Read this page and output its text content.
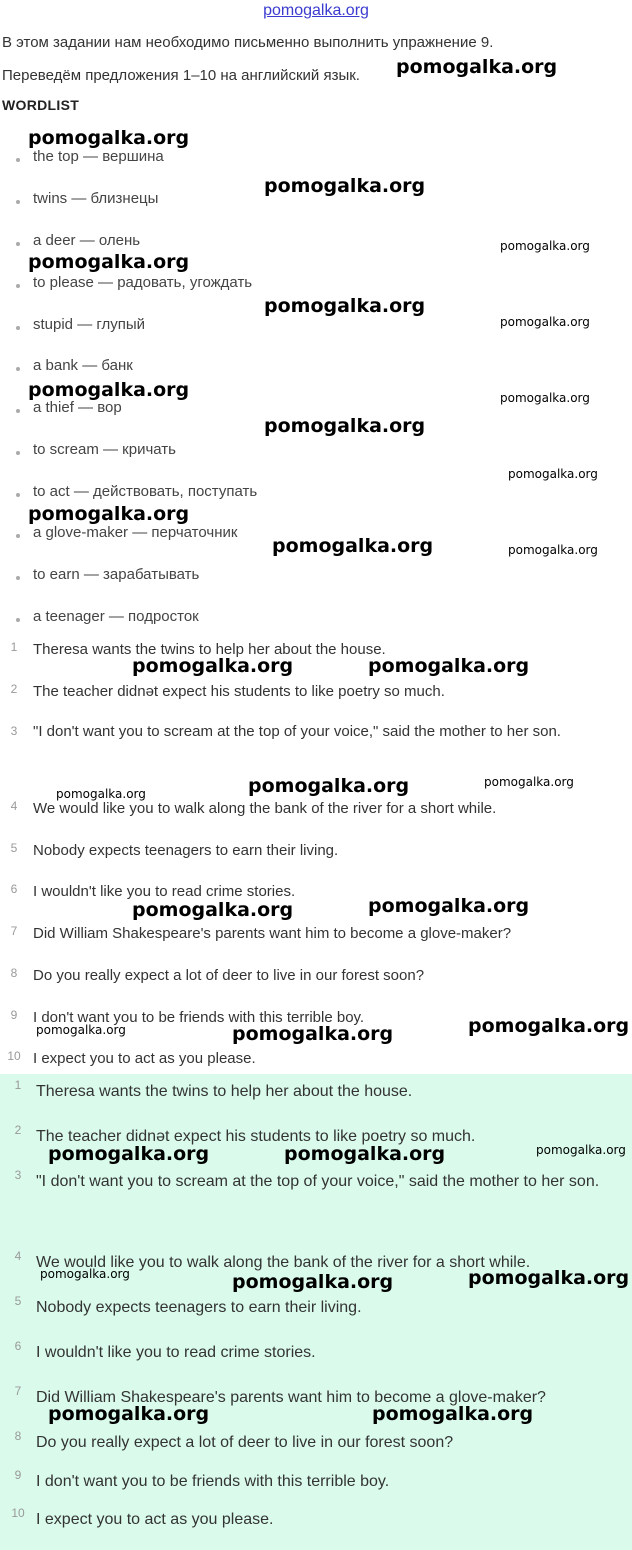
pomogalka.org
В этом задании нам необходимо письменно выполнить упражнение 9.
Переведём предложения 1–10 на английский язык.
WORDLIST
the top — вершина
twins — близнецы
a deer — олень
to please — радовать, угождать
stupid — глупый
a bank — банк
a thief — вор
to scream — кричать
to act — действовать, поступать
a glove-maker — перчаточник
to earn — зарабатывать
a teenager — подросток
1	Theresa wants the twins to help her about the house.
2	The teacher didnәt expect his students to like poetry so much.
3	"I don't want you to scream at the top of your voice," said the mother to her son.
4	We would like you to walk along the bank of the river for a short while.
5	Nobody expects teenagers to earn their living.
6	I wouldn't like you to read crime stories.
7	Did William Shakespeare's parents want him to become a glove-maker?
8	Do you really expect a lot of deer to live in our forest soon?
9	I don't want you to be friends with this terrible boy.
10 I expect you to act as you please.
1 Theresa wants the twins to help her about the house.
2 The teacher didnәt expect his students to like poetry so much.
3 "I don't want you to scream at the top of your voice," said the mother to her son.
4 We would like you to walk along the bank of the river for a short while.
5 Nobody expects teenagers to earn their living.
6 I wouldn't like you to read crime stories.
7 Did William Shakespeare's parents want him to become a glove-maker?
8 Do you really expect a lot of deer to live in our forest soon?
9 I don't want you to be friends with this terrible boy.
10 I expect you to act as you please.
pomogalka.org
pomogalka.org
pomogalka.org
pomogalka.org
pomogalka.org
pomogalka.org
pomogalka.org
pomogalka.org	pomogalka.org
pomogalka.org
pomogalka.org
pomogalka.org
pomogalka.org	pomogalka.org
pomogalka.org	pomogalka.org
pomogalka.org
pomogalka.org
pomogalka.org
pomogalka.org
pomogalka.org
pomogalka.org
pomogalka.org	pomogalka.org
pomogalka.org
pomogalka.org	pomogalka.org
pomogalka.org	pomogalka.org
pomogalka.org
pomogalka.org	pomogalka.org
